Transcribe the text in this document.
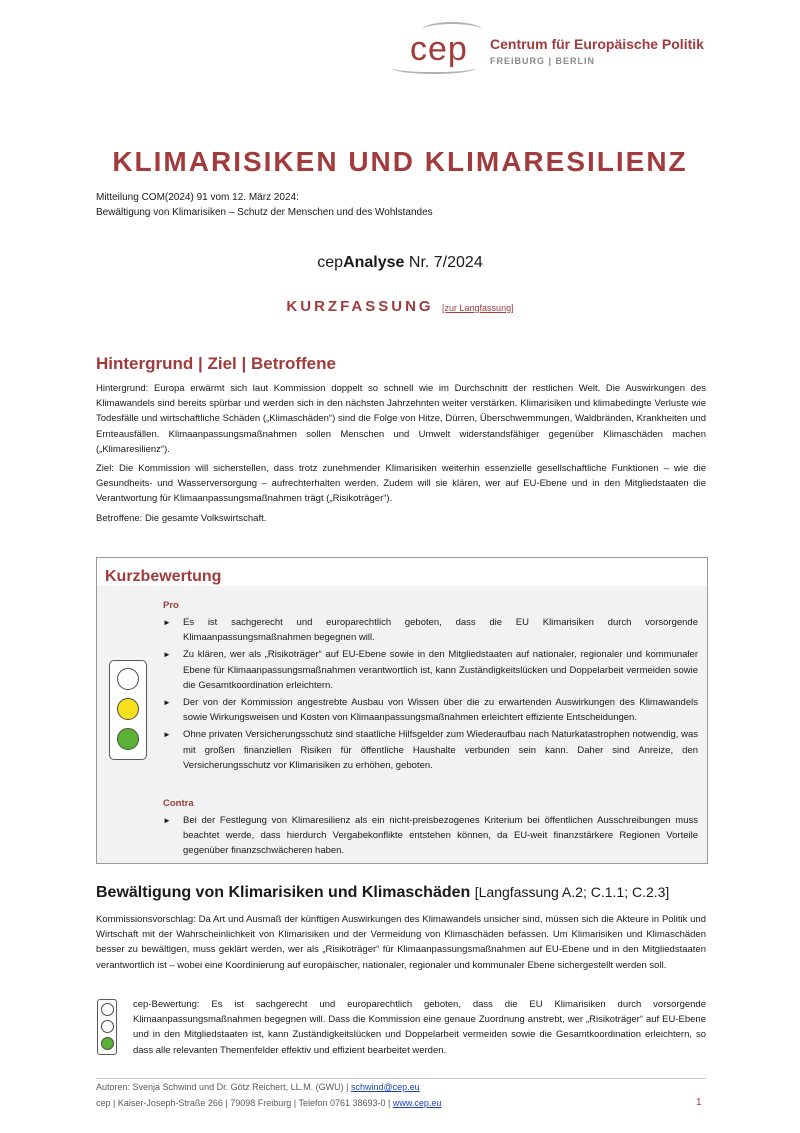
cep Centrum für Europäische Politik
FREIBURG | BERLIN
KLIMARISIKEN UND KLIMARESILIENZ
Mitteilung COM(2024) 91 vom 12. März 2024:
Bewältigung von Klimarisiken – Schutz der Menschen und des Wohlstandes
cepAnalyse Nr. 7/2024
KURZFASSUNG [zur Langfassung]
Hintergrund | Ziel | Betroffene

Hintergrund: Europa erwärmt sich laut Kommission doppelt so schnell wie im Durchschnitt der restlichen Welt. Die Auswirkungen des Klimawandels sind bereits spürbar und werden sich in den nächsten Jahrzehnten weiter verstärken. Klimarisiken und klimabedingte Verluste wie Todesfälle und wirtschaftliche Schäden („Klimaschäden“) sind die Folge von Hitze, Dürren, Überschwemmungen, Waldbränden, Krankheiten und Ernteausfällen. Klimaanpassungsmaßnahmen sollen Menschen und Umwelt widerstandsfähiger gegenüber Klimaschäden machen („Klimaresilienz“).

Ziel: Die Kommission will sicherstellen, dass trotz zunehmender Klimarisiken weiterhin essenzielle gesellschaftliche Funktionen – wie die Gesundheits- und Wasserversorgung – aufrechterhalten werden. Zudem will sie klären, wer auf EU-Ebene und in den Mitgliedstaaten die Verantwortung für Klimaanpassungsmaßnahmen trägt („Risikoträger“).

Betroffene: Die gesamte Volkswirtschaft.

Kurzbewertung
Pro
► Es ist sachgerecht und europarechtlich geboten, dass die EU Klimarisiken durch vorsorgende Klimaanpassungsmaßnahmen begegnen will.
► Zu klären, wer als „Risikoträger“ auf EU-Ebene sowie in den Mitgliedstaaten auf nationaler, regionaler und kommunaler Ebene für Klimaanpassungsmaßnahmen verantwortlich ist, kann Zuständigkeitslücken und Doppelarbeit vermeiden sowie die Gesamtkoordination erleichtern.
► Der von der Kommission angestrebte Ausbau von Wissen über die zu erwartenden Auswirkungen des Klimawandels sowie Wirkungsweisen und Kosten von Klimaanpassungsmaßnahmen erleichtert effiziente Entscheidungen.
► Ohne privaten Versicherungsschutz sind staatliche Hilfsgelder zum Wiederaufbau nach Naturkatastrophen notwendig, was mit großen finanziellen Risiken für öffentliche Haushalte verbunden sein kann. Daher sind Anreize, den Versicherungsschutz vor Klimarisiken zu erhöhen, geboten.
Contra
► Bei der Festlegung von Klimaresilienz als ein nicht-preisbezogenes Kriterium bei öffentlichen Ausschreibungen muss beachtet werde, dass hierdurch Vergabekonflikte entstehen können, da EU-weit finanzstärkere Regionen Vorteile gegenüber finanzschwächeren haben.
Bewältigung von Klimarisiken und Klimaschäden [Langfassung A.2; C.1.1; C.2.3]
Kommissionsvorschlag: Da Art und Ausmaß der künftigen Auswirkungen des Klimawandels unsicher sind, müssen sich die Akteure in Politik und Wirtschaft mit der Wahrscheinlichkeit von Klimarisiken und der Vermeidung von Klimaschäden befassen. Um Klimarisiken und Klimaschäden besser zu bewältigen, muss geklärt werden, wer als „Risikoträger“ für Klimaanpassungsmaßnahmen auf EU-Ebene und in den Mitgliedstaaten verantwortlich ist – wobei eine Koordinierung auf europäischer, nationaler, regionaler und kommunaler Ebene sichergestellt werden soll.
cep-Bewertung: Es ist sachgerecht und europarechtlich geboten, dass die EU Klimarisiken durch vorsorgende Klimaanpassungsmaßnahmen begegnen will. Dass die Kommission eine genaue Zuordnung anstrebt, wer „Risikoträger“ auf EU-Ebene und in den Mitgliedstaaten ist, kann Zuständigkeitslücken und Doppelarbeit vermeiden sowie die Gesamtkoordination erleichtern, so dass alle relevanten Themenfelder effektiv und effizient bearbeitet werden.
Autoren: Svenja Schwind und Dr. Götz Reichert, LL.M. (GWU) | schwind@cep.eu
cep | Kaiser-Joseph-Straße 266 | 79098 Freiburg | Telefon 0761 38693-0 | www.cep.eu	1
